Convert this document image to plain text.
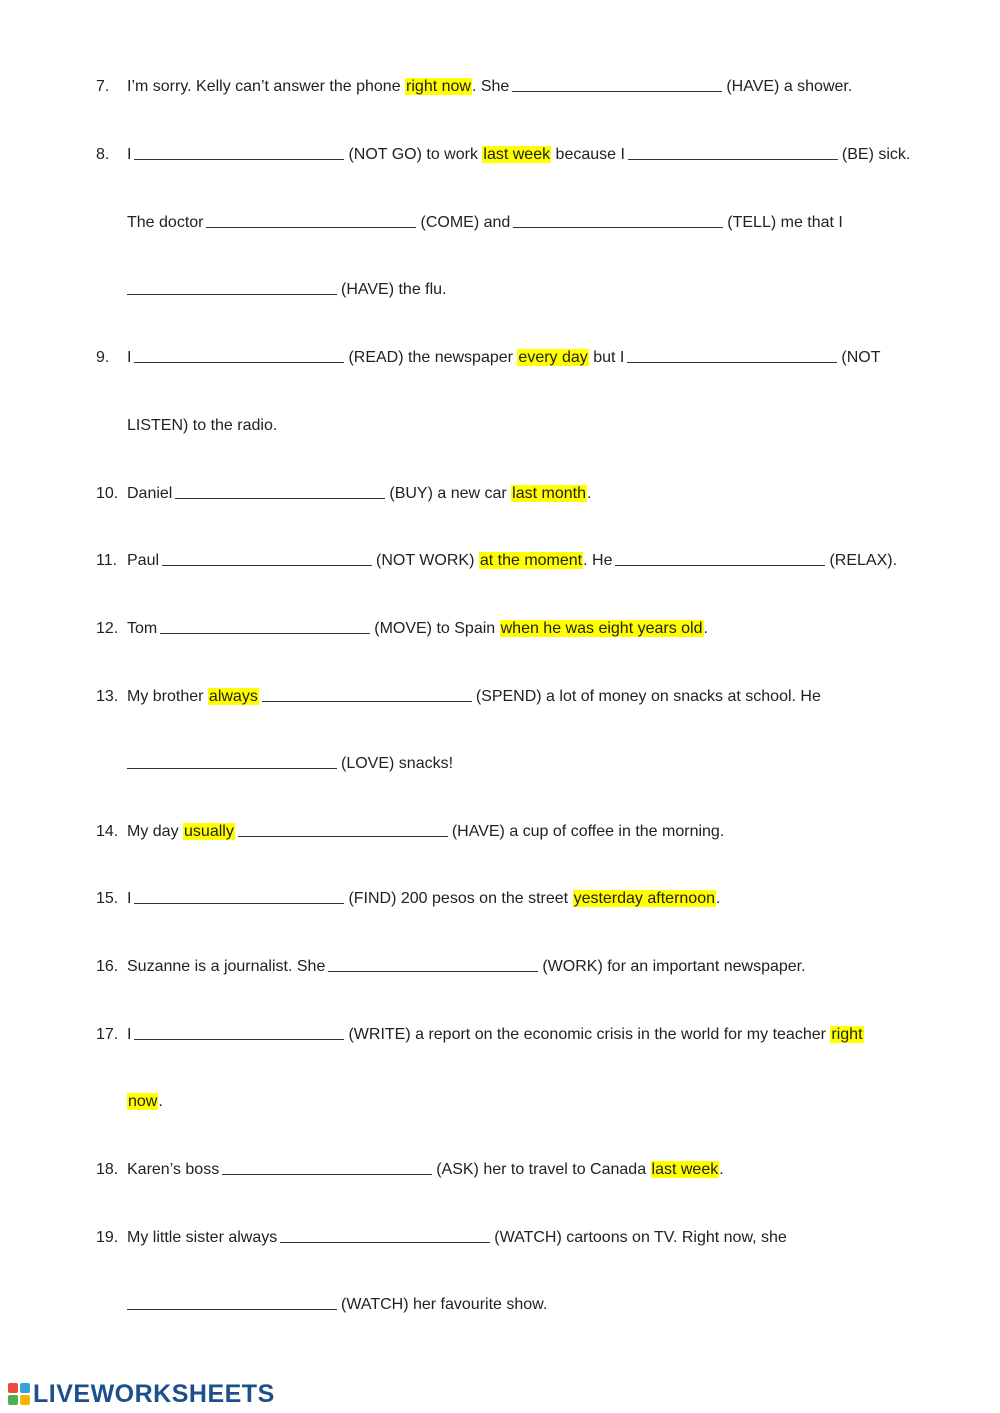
7. I’m sorry. Kelly can’t answer the phone right now. She	(HAVE) a shower.
8. I	(NOT GO) to work last week because I	(BE) sick.
The doctor	(COME) and	(TELL) me that I
(HAVE) the flu.
9. I	(READ) the newspaper every day but I	(NOT
LISTEN) to the radio.
10. Daniel	(BUY) a new car last month.
11. Paul	(NOT WORK) at the moment. He	(RELAX).
12. Tom	(MOVE) to Spain when he was eight years old.
13. My brother always	(SPEND) a lot of money on snacks at school. He
(LOVE) snacks!
14. My day usually	(HAVE) a cup of coffee in the morning.
15. I	(FIND) 200 pesos on the street yesterday afternoon.
16. Suzanne is a journalist. She	(WORK) for an important newspaper.
17. I	(WRITE) a report on the economic crisis in the world for my teacher right
now.
18. Karen’s boss	(ASK) her to travel to Canada last week.
19. My little sister always	(WATCH) cartoons on TV. Right now, she
(WATCH) her favourite show.
LIVEWORKSHEETS
